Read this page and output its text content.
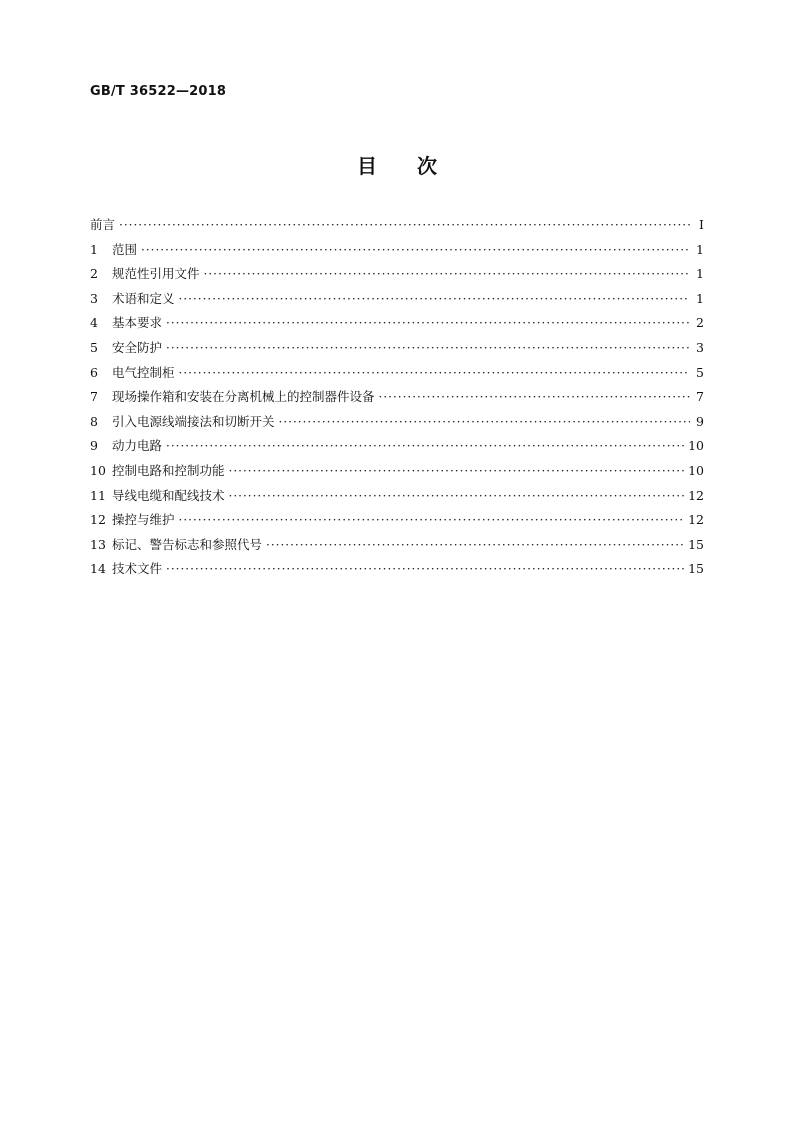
GB/T 36522—2018
目 次
前言 ·····	Ⅰ
1	范围 ·····	1
2	规范性引用文件 ·····	1
3	术语和定义 ·····	1
4	基本要求 ·····	2
5	安全防护 ·····	3
6	电气控制柜 ·····	5
7	现场操作箱和安装在分离机械上的控制器件设备 ·····	7
8	引入电源线端接法和切断开关 ·····	9
9	动力电路 ·····	10
10 控制电路和控制功能 ·····	10
11 导线电缆和配线技术 ·····	12
12 操控与维护 ·····	12
13 标记、警告标志和参照代号 ·····	15
14 技术文件 ·····	15
